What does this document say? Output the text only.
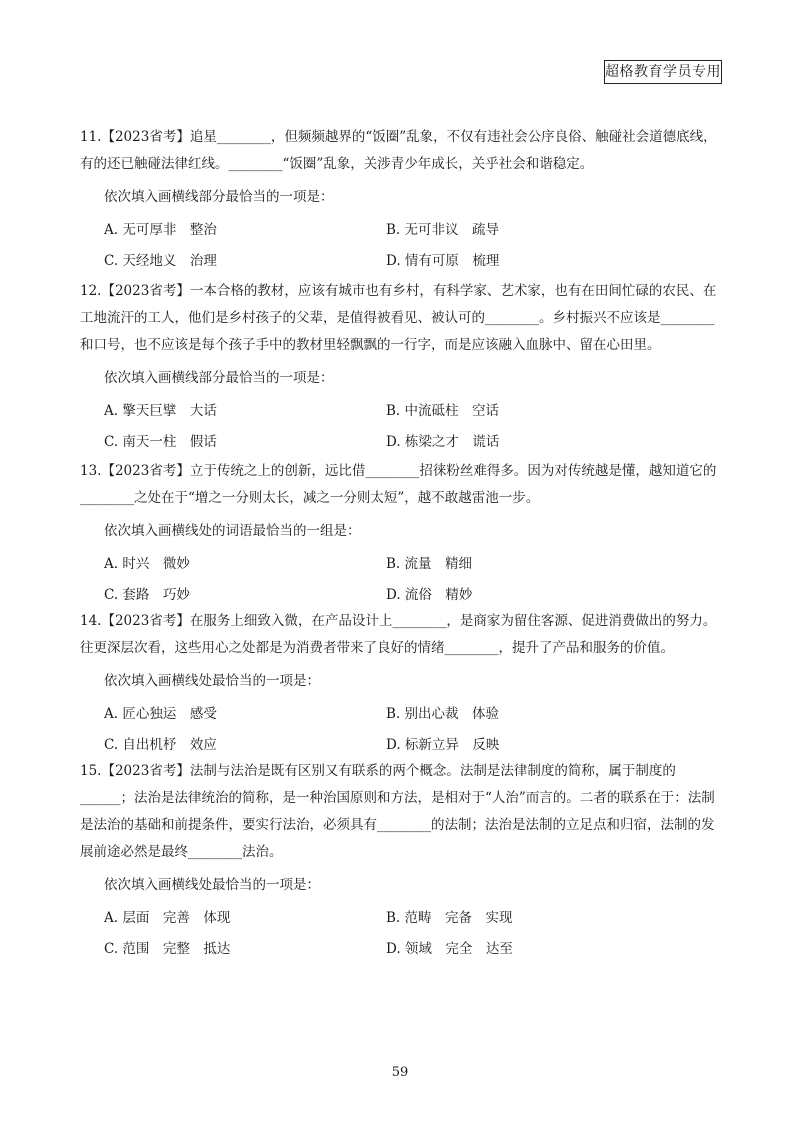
超格教育学员专用
11.【2023省考】追星________，但频频越界的“饭圈”乱象，不仅有违社会公序良俗、触碰社会道德底线，有的还已触碰法律红线。________“饭圈”乱象，关涉青少年成长，关乎社会和谐稳定。
依次填入画横线部分最恰当的一项是：
A. 无可厚非　整治	B. 无可非议　疏导
C. 天经地义　治理	D. 情有可原　梳理
12.【2023省考】一本合格的教材，应该有城市也有乡村，有科学家、艺术家，也有在田间忙碌的农民、在工地流汗的工人，他们是乡村孩子的父辈，是值得被看见、被认可的________。乡村振兴不应该是________和口号，也不应该是每个孩子手中的教材里轻飘飘的一行字，而是应该融入血脉中、留在心田里。
依次填入画横线部分最恰当的一项是：
A. 擎天巨擘　大话	B. 中流砥柱　空话
C. 南天一柱　假话	D. 栋梁之才　谎话
13.【2023省考】立于传统之上的创新，远比借________招徕粉丝难得多。因为对传统越是懂，越知道它的________之处在于“增之一分则太长，减之一分则太短”，越不敢越雷池一步。
依次填入画横线处的词语最恰当的一组是：
A. 时兴　微妙	B. 流量　精细
C. 套路　巧妙	D. 流俗　精妙
14.【2023省考】在服务上细致入微，在产品设计上________，是商家为留住客源、促进消费做出的努力。往更深层次看，这些用心之处都是为消费者带来了良好的情绪________，提升了产品和服务的价值。
依次填入画横线处最恰当的一项是：
A. 匠心独运　感受	B. 别出心裁　体验
C. 自出机杼　效应	D. 标新立异　反映
15.【2023省考】法制与法治是既有区别又有联系的两个概念。法制是法律制度的简称，属于制度的______；法治是法律统治的简称，是一种治国原则和方法，是相对于“人治”而言的。二者的联系在于：法制是法治的基础和前提条件，要实行法治，必须具有________的法制；法治是法制的立足点和归宿，法制的发展前途必然是最终________法治。
依次填入画横线处最恰当的一项是：
A. 层面　完善　体现	B. 范畴　完备　实现
C. 范围　完整　抵达	D. 领域　完全　达至
59
